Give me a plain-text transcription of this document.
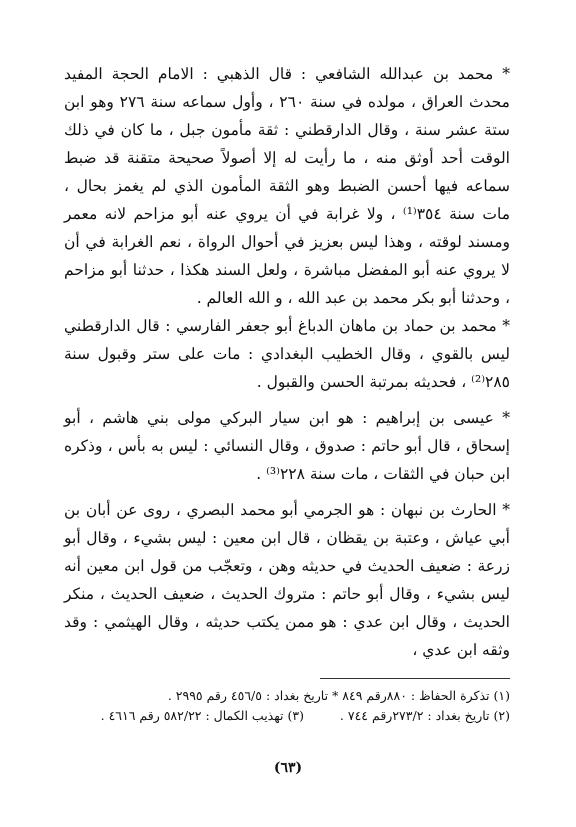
* محمد بن عبدالله الشافعي : قال الذهبي : الامام الحجة المفيد محدث العراق ، مولده في سنة ٢٦٠ ، وأول سماعه سنة ٢٧٦ وهو ابن ستة عشر سنة ، وقال الدارقطني : ثقة مأمون جبل ، ما كان في ذلك الوقت أحد أوثق منه ، ما رأيت له إلا أصولاً صحيحة متقنة قد ضبط سماعه فيها أحسن الضبط وهو الثقة المأمون الذي لم يغمز بحال ، مات سنة ٣٥٤⁽¹⁾ ، ولا غرابة في أن يروي عنه أبو مزاحم لانه معمر ومسند لوقته ، وهذا ليس بعزيز في أحوال الرواة ، نعم الغرابة في أن لا يروي عنه أبو المفضل مباشرة ، ولعل السند هكذا ، حدثنا أبو مزاحم ، وحدثنا أبو بكر محمد بن عبد الله ، و الله العالم .

* محمد بن حماد بن ماهان الدباغ أبو جعفر الفارسي : قال الدارقطني ليس بالقوي ، وقال الخطيب البغدادي : مات على ستر وقبول سنة ٢٨٥⁽²⁾ ، فحديثه بمرتبة الحسن والقبول .

* عيسى بن إبراهيم : هو ابن سيار البركي مولى بني هاشم ، أبو إسحاق ، قال أبو حاتم : صدوق ، وقال النسائي : ليس به بأس ، وذكره ابن حبان في الثقات ، مات سنة ٢٢٨⁽³⁾ .

* الحارث بن نبهان : هو الجرمي أبو محمد البصري ، روى عن أبان بن أبي عياش ، وعتبة بن يقظان ، قال ابن معين : ليس بشيء ، وقال أبو زرعة : ضعيف الحديث في حديثه وهن ، وتعجّب من قول ابن معين أنه ليس بشيء ، وقال أبو حاتم : متروك الحديث ، ضعيف الحديث ، منكر الحديث ، وقال ابن عدي : هو ممن يكتب حديثه ، وقال الهيثمي : وقد وثقه ابن عدي ،

(١) تذكرة الحفاظ : ٨٨٠رقم ٨٤٩ * تاريخ بغداد : ٤٥٦/٥ رقم ٢٩٩٥ .

(٢) تاريخ بغداد : ٢٧٣/٢رقم ٧٤٤ .  (٣) تهذيب الكمال : ٥٨٢/٢٢ رقم ٤٦١٦ .

(٦٣)
